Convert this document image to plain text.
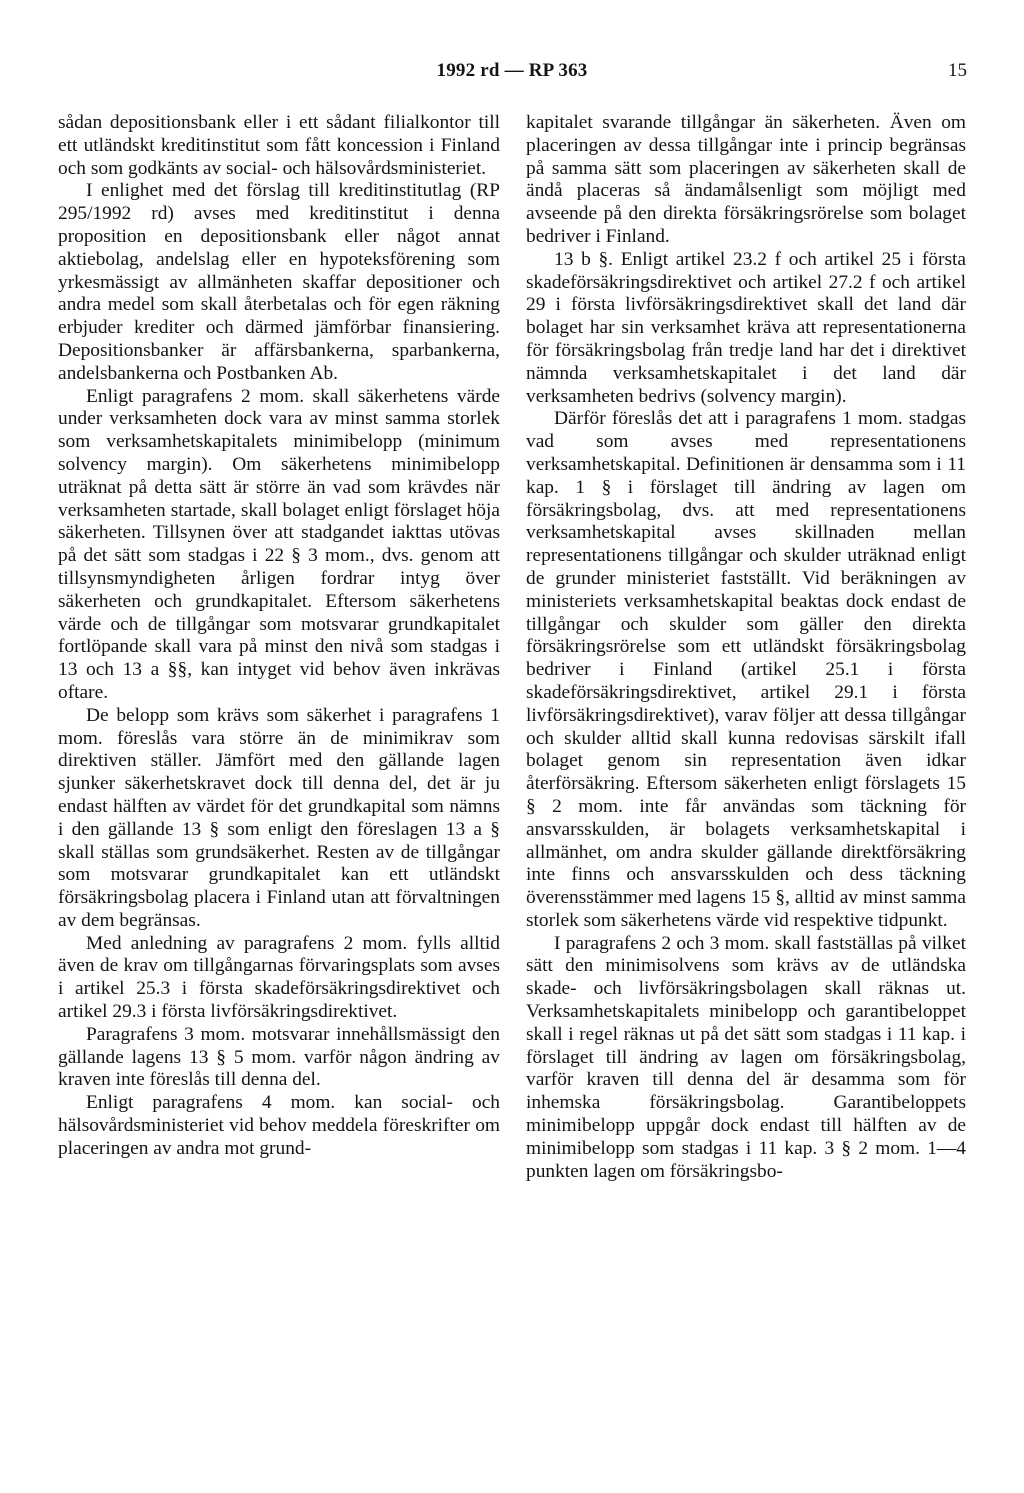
1992 rd — RP 363	15

sådan depositionsbank eller i ett sådant filialkontor till ett utländskt kreditinstitut som fått koncession i Finland och som godkänts av social- och hälsovårdsministeriet.

I enlighet med det förslag till kreditinstitutlag (RP 295/1992 rd) avses med kreditinstitut i denna proposition en depositionsbank eller något annat aktiebolag, andelslag eller en hypoteksförening som yrkesmässigt av allmänheten skaffar depositioner och andra medel som skall återbetalas och för egen räkning erbjuder krediter och därmed jämförbar finansiering. Depositionsbanker är affärsbankerna, sparbankerna, andelsbankerna och Postbanken Ab.

Enligt paragrafens 2 mom. skall säkerhetens värde under verksamheten dock vara av minst samma storlek som verksamhetskapitalets minimibelopp (minimum solvency margin). Om säkerhetens minimibelopp uträknat på detta sätt är större än vad som krävdes när verksamheten startade, skall bolaget enligt förslaget höja säkerheten. Tillsynen över att stadgandet iakttas utövas på det sätt som stadgas i 22 § 3 mom., dvs. genom att tillsynsmyndigheten årligen fordrar intyg över säkerheten och grundkapitalet. Eftersom säkerhetens värde och de tillgångar som motsvarar grundkapitalet fortlöpande skall vara på minst den nivå som stadgas i 13 och 13 a §§, kan intyget vid behov även inkrävas oftare.

De belopp som krävs som säkerhet i paragrafens 1 mom. föreslås vara större än de minimikrav som direktiven ställer. Jämfört med den gällande lagen sjunker säkerhetskravet dock till denna del, det är ju endast hälften av värdet för det grundkapital som nämns i den gällande 13 § som enligt den föreslagen 13 a § skall ställas som grundsäkerhet. Resten av de tillgångar som motsvarar grundkapitalet kan ett utländskt försäkringsbolag placera i Finland utan att förvaltningen av dem begränsas.

Med anledning av paragrafens 2 mom. fylls alltid även de krav om tillgångarnas förvaringsplats som avses i artikel 25.3 i första skadeförsäkringsdirektivet och artikel 29.3 i första livförsäkringsdirektivet.

Paragrafens 3 mom. motsvarar innehållsmässigt den gällande lagens 13 § 5 mom. varför någon ändring av kraven inte föreslås till denna del.

Enligt paragrafens 4 mom. kan social- och hälsovårdsministeriet vid behov meddela föreskrifter om placeringen av andra mot grund-

kapitalet svarande tillgångar än säkerheten. Även om placeringen av dessa tillgångar inte i princip begränsas på samma sätt som placeringen av säkerheten skall de ändå placeras så ändamålsenligt som möjligt med avseende på den direkta försäkringsrörelse som bolaget bedriver i Finland.

13 b §. Enligt artikel 23.2 f och artikel 25 i första skadeförsäkringsdirektivet och artikel 27.2 f och artikel 29 i första livförsäkringsdirektivet skall det land där bolaget har sin verksamhet kräva att representationerna för försäkringsbolag från tredje land har det i direktivet nämnda verksamhetskapitalet i det land där verksamheten bedrivs (solvency margin).

Därför föreslås det att i paragrafens 1 mom. stadgas vad som avses med representationens verksamhetskapital. Definitionen är densamma som i 11 kap. 1 § i förslaget till ändring av lagen om försäkringsbolag, dvs. att med representationens verksamhetskapital avses skillnaden mellan representationens tillgångar och skulder uträknad enligt de grunder ministeriet fastställt. Vid beräkningen av ministeriets verksamhetskapital beaktas dock endast de tillgångar och skulder som gäller den direkta försäkringsrörelse som ett utländskt försäkringsbolag bedriver i Finland (artikel 25.1 i första skadeförsäkringsdirektivet, artikel 29.1 i första livförsäkringsdirektivet), varav följer att dessa tillgångar och skulder alltid skall kunna redovisas särskilt ifall bolaget genom sin representation även idkar återförsäkring. Eftersom säkerheten enligt förslagets 15 § 2 mom. inte får användas som täckning för ansvarsskulden, är bolagets verksamhetskapital i allmänhet, om andra skulder gällande direktförsäkring inte finns och ansvarsskulden och dess täckning överensstämmer med lagens 15 §, alltid av minst samma storlek som säkerhetens värde vid respektive tidpunkt.

I paragrafens 2 och 3 mom. skall fastställas på vilket sätt den minimisolvens som krävs av de utländska skade- och livförsäkringsbolagen skall räknas ut. Verksamhetskapitalets minibelopp och garantibeloppet skall i regel räknas ut på det sätt som stadgas i 11 kap. i förslaget till ändring av lagen om försäkringsbolag, varför kraven till denna del är desamma som för inhemska försäkringsbolag. Garantibeloppets minimibelopp uppgår dock endast till hälften av de minimibelopp som stadgas i 11 kap. 3 § 2 mom. 1—4 punkten lagen om försäkringsbo-
